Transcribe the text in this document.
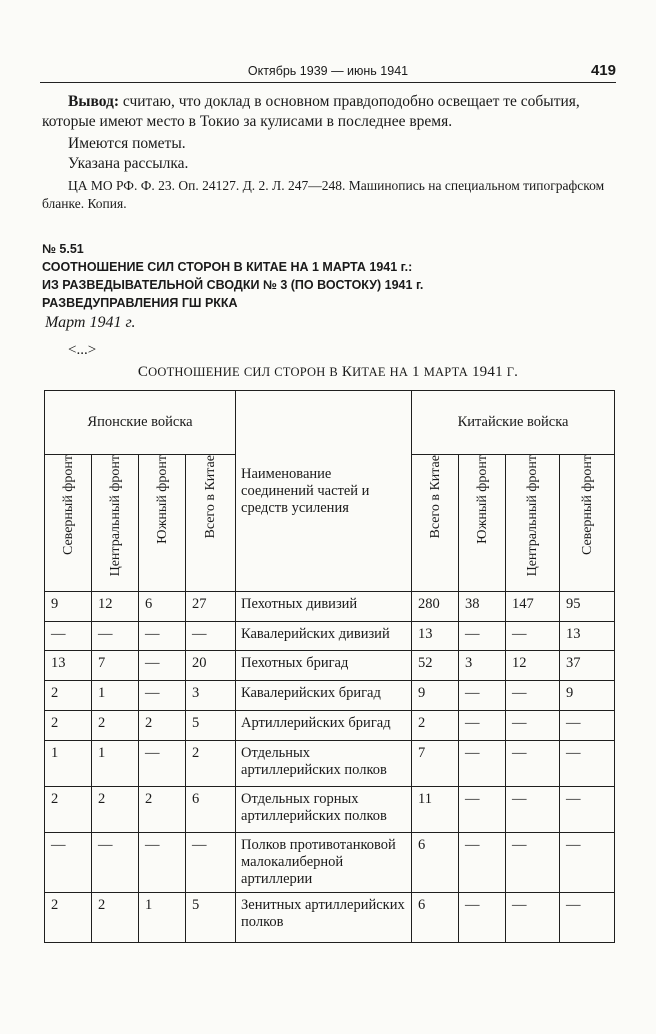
Октябрь 1939 — июнь 1941	419
Вывод: считаю, что доклад в основном правдоподобно освещает те события, которые имеют место в Токио за кулисами в последнее время.
Имеются пометы.
Указана рассылка.
ЦА МО РФ. Ф. 23. Оп. 24127. Д. 2. Л. 247—248. Машинопись на специальном типографском бланке. Копия.
№ 5.51
СООТНОШЕНИЕ СИЛ СТОРОН В КИТАЕ НА 1 МАРТА 1941 г.:
ИЗ РАЗВЕДЫВАТЕЛЬНОЙ СВОДКИ № 3 (ПО ВОСТОКУ) 1941 г.
РАЗВЕДУПРАВЛЕНИЯ ГШ РККА
Март 1941 г.
<...>
СООТНОШЕНИЕ СИЛ СТОРОН В КИТАЕ НА 1 МАРТА 1941 Г.
Японские войска				Наименование соединений частей и средств усиления	Китайские войска			
Северный фронт	Центральный фронт	Южный фронт	Всего в Китае		Всего в Китае	Южный фронт	Центральный фронт	Северный фронт
9	12	6	27	Пехотных дивизий	280	38	147	95
—	—	—	—	Кавалерийских дивизий	13	—	—	13
13	7	—	20	Пехотных бригад	52	3	12	37
2	1	—	3	Кавалерийских бригад	9	—	—	9
2	2	2	5	Артиллерийских бригад	2	—	—	—
1	1	—	2	Отдельных артиллерийских полков	7	—	—	—
2	2	2	6	Отдельных горных артиллерийских полков	11	—	—	—
—	—	—	—	Полков противотанковой малокалиберной артиллерии	6	—	—	—
2	2	1	5	Зенитных артиллерийских полков	6	—	—	—
